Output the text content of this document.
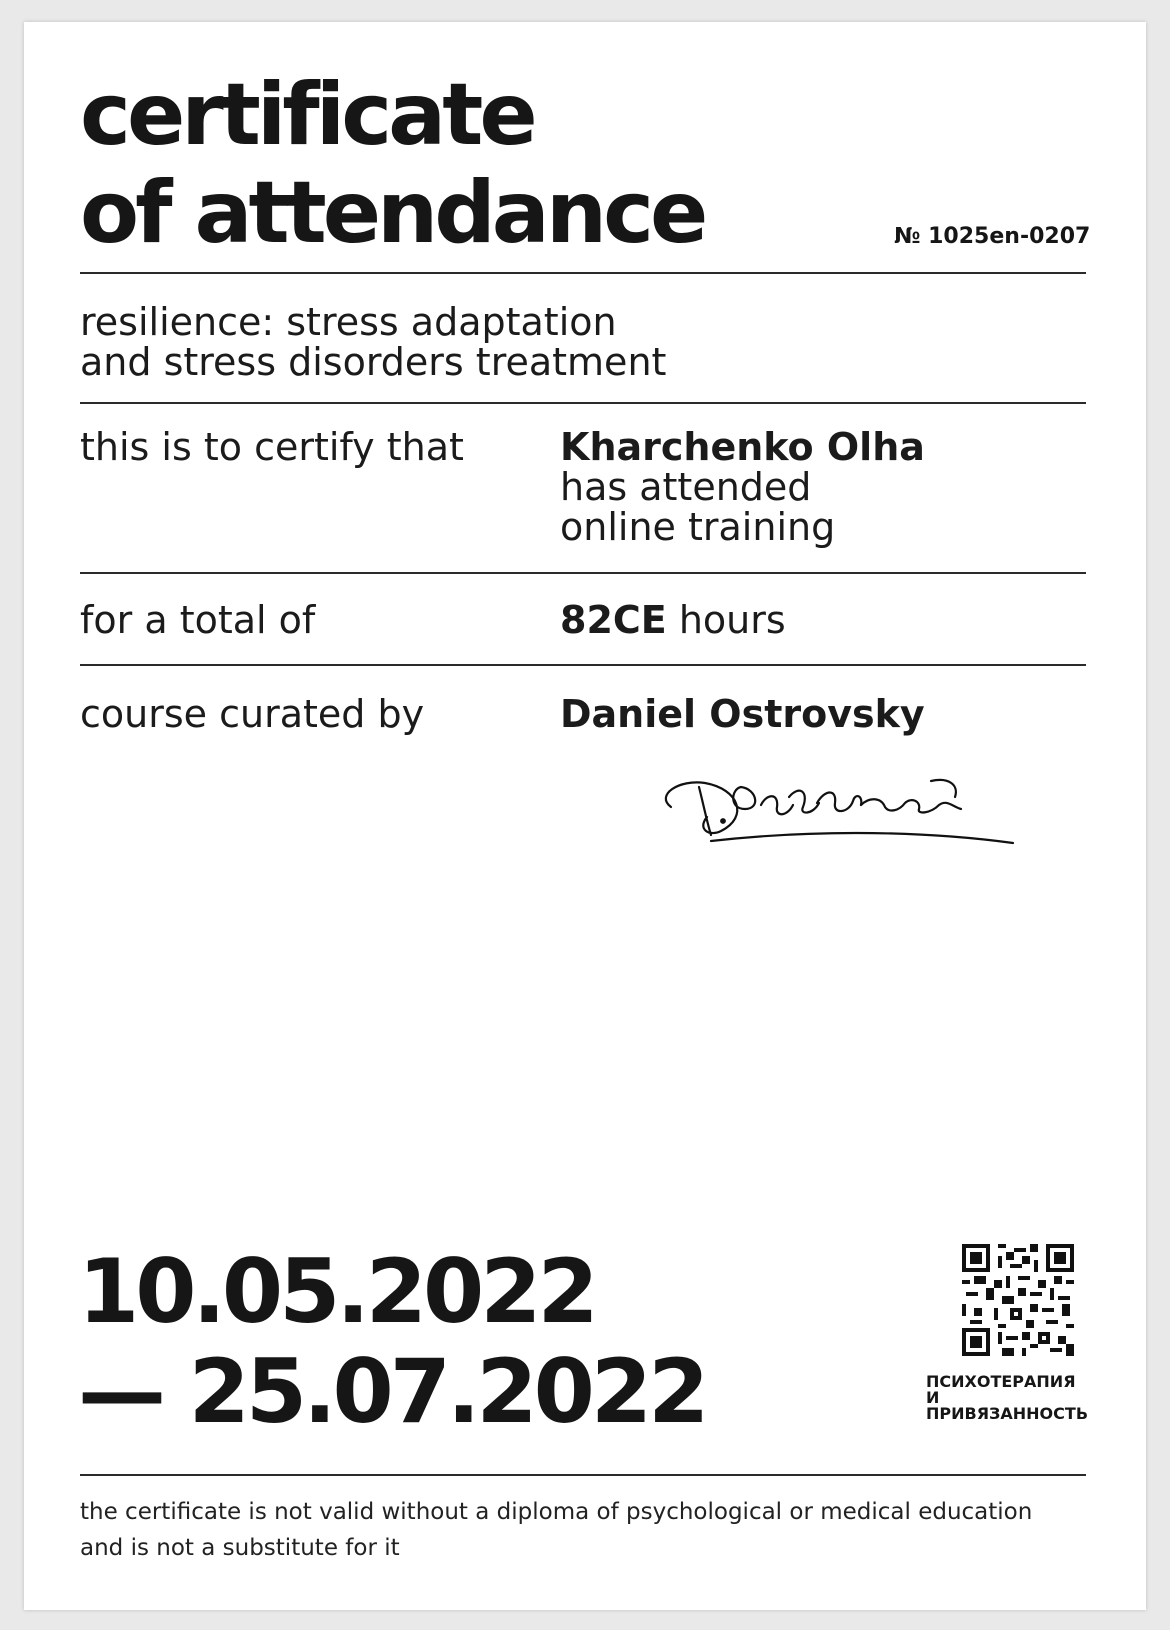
certificate
of attendance	№ 1025en-0207
resilience: stress adaptation
and stress disorders treatment
this is to certify that	Kharchenko Olha
has attended
online training
for a total of	82CE hours
course curated by	Daniel Ostrovsky
10.05.2022
— 25.07.2022	ПСИХОТЕРАПИЯ
И
ПРИВЯЗАННОСТЬ
the certificate is not valid without a diploma of psychological or medical education
and is not a substitute for it
